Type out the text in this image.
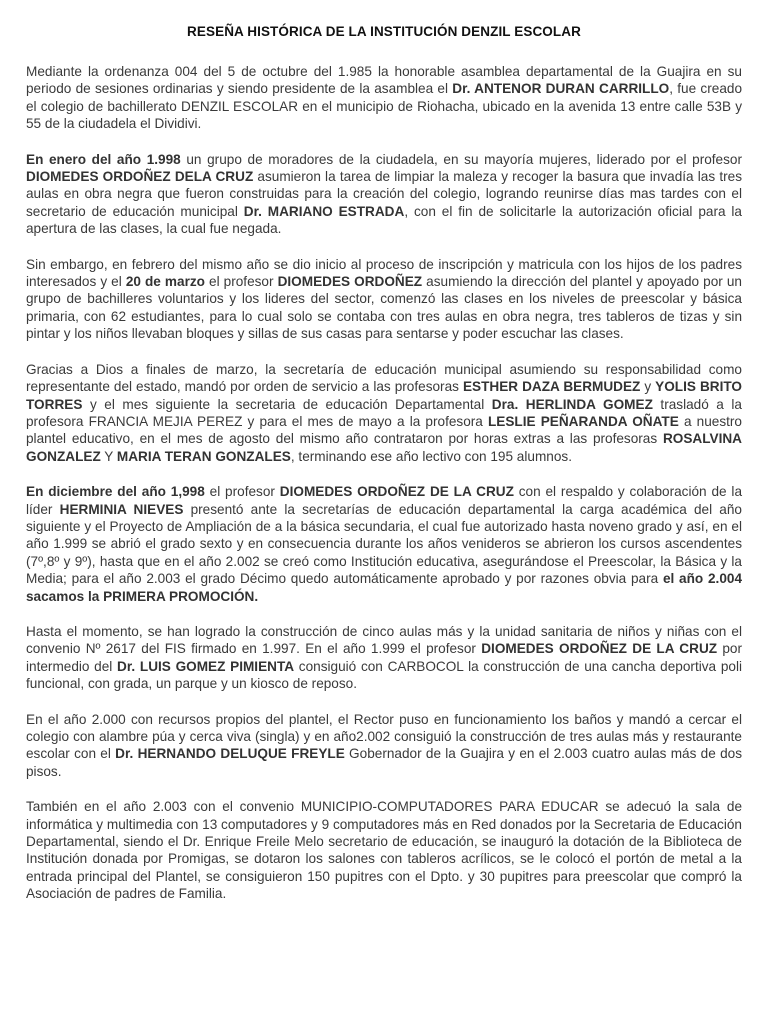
RESEÑA HISTÓRICA DE LA INSTITUCIÓN DENZIL ESCOLAR

Mediante la ordenanza 004 del 5 de octubre del 1.985 la honorable asamblea departamental de la Guajira en su periodo de sesiones ordinarias y siendo presidente de la asamblea el Dr. ANTENOR DURAN CARRILLO, fue creado el colegio de bachillerato DENZIL ESCOLAR en el municipio de Riohacha, ubicado en la avenida 13 entre calle 53B y 55 de la ciudadela el Dividivi.

En enero del año 1.998 un grupo de moradores de la ciudadela, en su mayoría mujeres, liderado por el profesor DIOMEDES ORDOÑEZ DELA CRUZ asumieron la tarea de limpiar la maleza y recoger la basura que invadía las tres aulas en obra negra que fueron construidas para la creación del colegio, logrando reunirse días mas tardes con el secretario de educación municipal Dr. MARIANO ESTRADA, con el fin de solicitarle la autorización oficial para la apertura de las clases, la cual fue negada.

Sin embargo, en febrero del mismo año se dio inicio al proceso de inscripción y matricula con los hijos de los padres interesados y el 20 de marzo el profesor DIOMEDES ORDOÑEZ asumiendo la dirección del plantel y apoyado por un grupo de bachilleres voluntarios y los lideres del sector, comenzó las clases en los niveles de preescolar y básica primaria, con 62 estudiantes, para lo cual solo se contaba con tres aulas en obra negra, tres tableros de tizas y sin pintar y los niños llevaban bloques y sillas de sus casas para sentarse y poder escuchar las clases.

Gracias a Dios a finales de marzo, la secretaría de educación municipal asumiendo su responsabilidad como representante del estado, mandó por orden de servicio a las profesoras ESTHER DAZA BERMUDEZ y YOLIS BRITO TORRES y el mes siguiente la secretaria de educación Departamental Dra. HERLINDA GOMEZ trasladó a la profesora FRANCIA MEJIA PEREZ y para el mes de mayo a la profesora LESLIE PEÑARANDA OÑATE a nuestro plantel educativo, en el mes de agosto del mismo año contrataron por horas extras a las profesoras ROSALVINA GONZALEZ Y MARIA TERAN GONZALES, terminando ese año lectivo con 195 alumnos.

En diciembre del año 1,998 el profesor DIOMEDES ORDOÑEZ DE LA CRUZ con el respaldo y colaboración de la líder HERMINIA NIEVES presentó ante la secretarías de educación departamental la carga académica del año siguiente y el Proyecto de Ampliación de a la básica secundaria, el cual fue autorizado hasta noveno grado y así, en el año 1.999 se abrió el grado sexto y en consecuencia durante los años venideros se abrieron los cursos ascendentes (7º,8º y 9º), hasta que en el año 2.002 se creó como Institución educativa, asegurándose el Preescolar, la Básica y la Media; para el año 2.003 el grado Décimo quedo automáticamente aprobado y por razones obvia para el año 2.004 sacamos la PRIMERA PROMOCIÓN.

Hasta el momento, se han logrado la construcción de cinco aulas más y la unidad sanitaria de niños y niñas con el convenio Nº 2617 del FIS firmado en 1.997. En el año 1.999 el profesor DIOMEDES ORDOÑEZ DE LA CRUZ por intermedio del Dr. LUIS GOMEZ PIMIENTA consiguió con CARBOCOL la construcción de una cancha deportiva poli funcional, con grada, un parque y un kiosco de reposo.

En el año 2.000 con recursos propios del plantel, el Rector puso en funcionamiento los baños y mandó a cercar el colegio con alambre púa y cerca viva (singla) y en año2.002 consiguió la construcción de tres aulas más y restaurante escolar con el Dr. HERNANDO DELUQUE FREYLE Gobernador de la Guajira y en el 2.003 cuatro aulas más de dos pisos.

También en el año 2.003 con el convenio MUNICIPIO-COMPUTADORES PARA EDUCAR se adecuó la sala de informática y multimedia con 13 computadores y 9 computadores más en Red donados por la Secretaria de Educación Departamental, siendo el Dr. Enrique Freile Melo secretario de educación, se inauguró la dotación de la Biblioteca de Institución donada por Promigas, se dotaron los salones con tableros acrílicos, se le colocó el portón de metal a la entrada principal del Plantel, se consiguieron 150 pupitres con el Dpto. y 30 pupitres para preescolar que compró la Asociación de padres de Familia.
